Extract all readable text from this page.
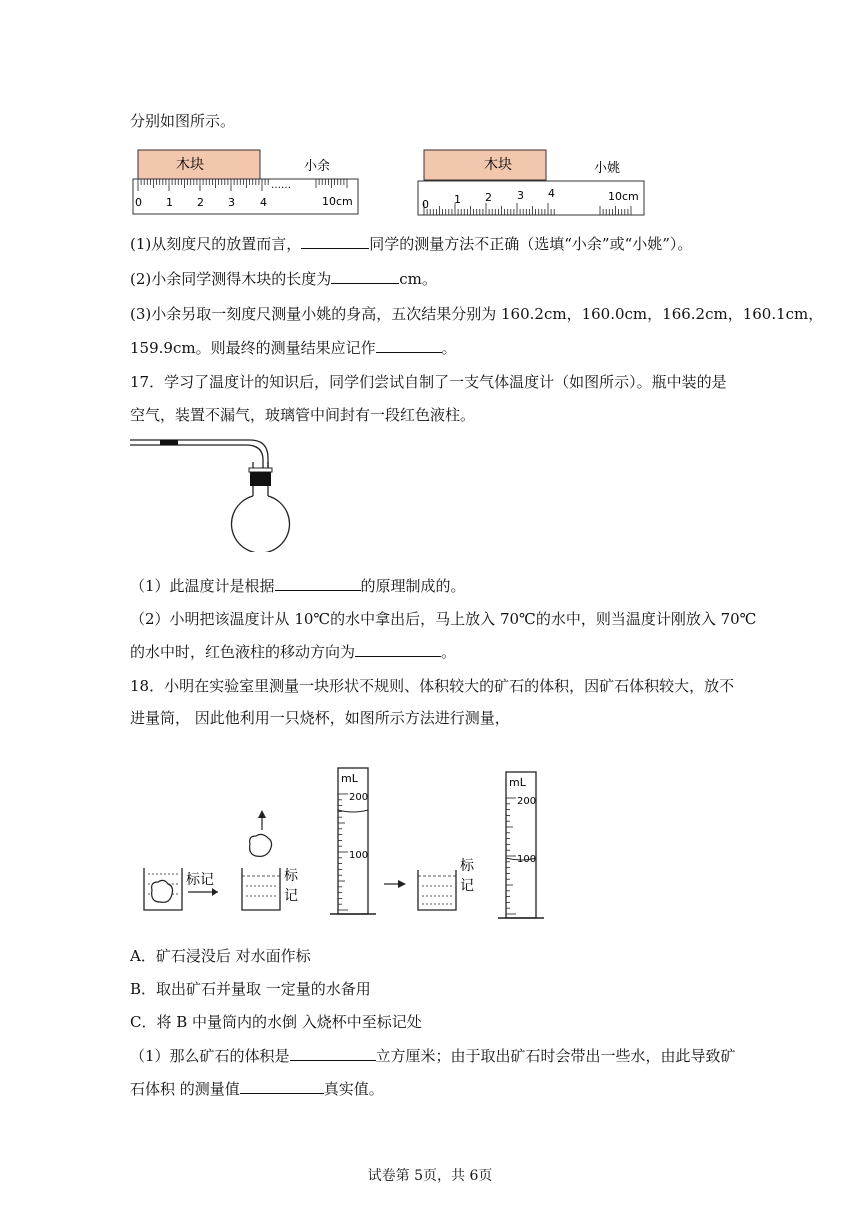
分别如图所示。
木块	小余
……
0 1 2 3 4	10cm
木块	小姚
0 1 2 3 4	10cm
(1)从刻度尺的放置而言，	同学的测量方法不正确（选填“小余”或“小姚”）。
(2)小余同学测得木块的长度为	cm。
(3)小余另取一刻度尺测量小姚的身高，五次结果分别为 160.2cm，160.0cm，166.2cm，160.1cm，
159.9cm。则最终的测量结果应记作	。
17．学习了温度计的知识后，同学们尝试自制了一支气体温度计（如图所示）。瓶中装的是
空气，装置不漏气，玻璃管中间封有一段红色液柱。
（1）此温度计是根据	的原理制成的。
（2）小明把该温度计从 10℃的水中拿出后，马上放入 70℃的水中，则当温度计刚放入 70℃
的水中时，红色液柱的移动方向为	。
18．小明在实验室里测量一块形状不规则、体积较大的矿石的体积，因矿石体积较大，放不
进量筒， 因此他利用一只烧杯，如图所示方法进行测量，
标记	标
记
mL
200
100
标
记
mL
200
100
A．矿石浸没后 对水面作标
B．取出矿石并量取 一定量的水备用
C．将 B 中量筒内的水倒 入烧杯中至标记处
（1）那么矿石的体积是	立方厘米；由于取出矿石时会带出一些水，由此导致矿
石体积 的测量值	真实值。
试卷第 5页，共 6页
